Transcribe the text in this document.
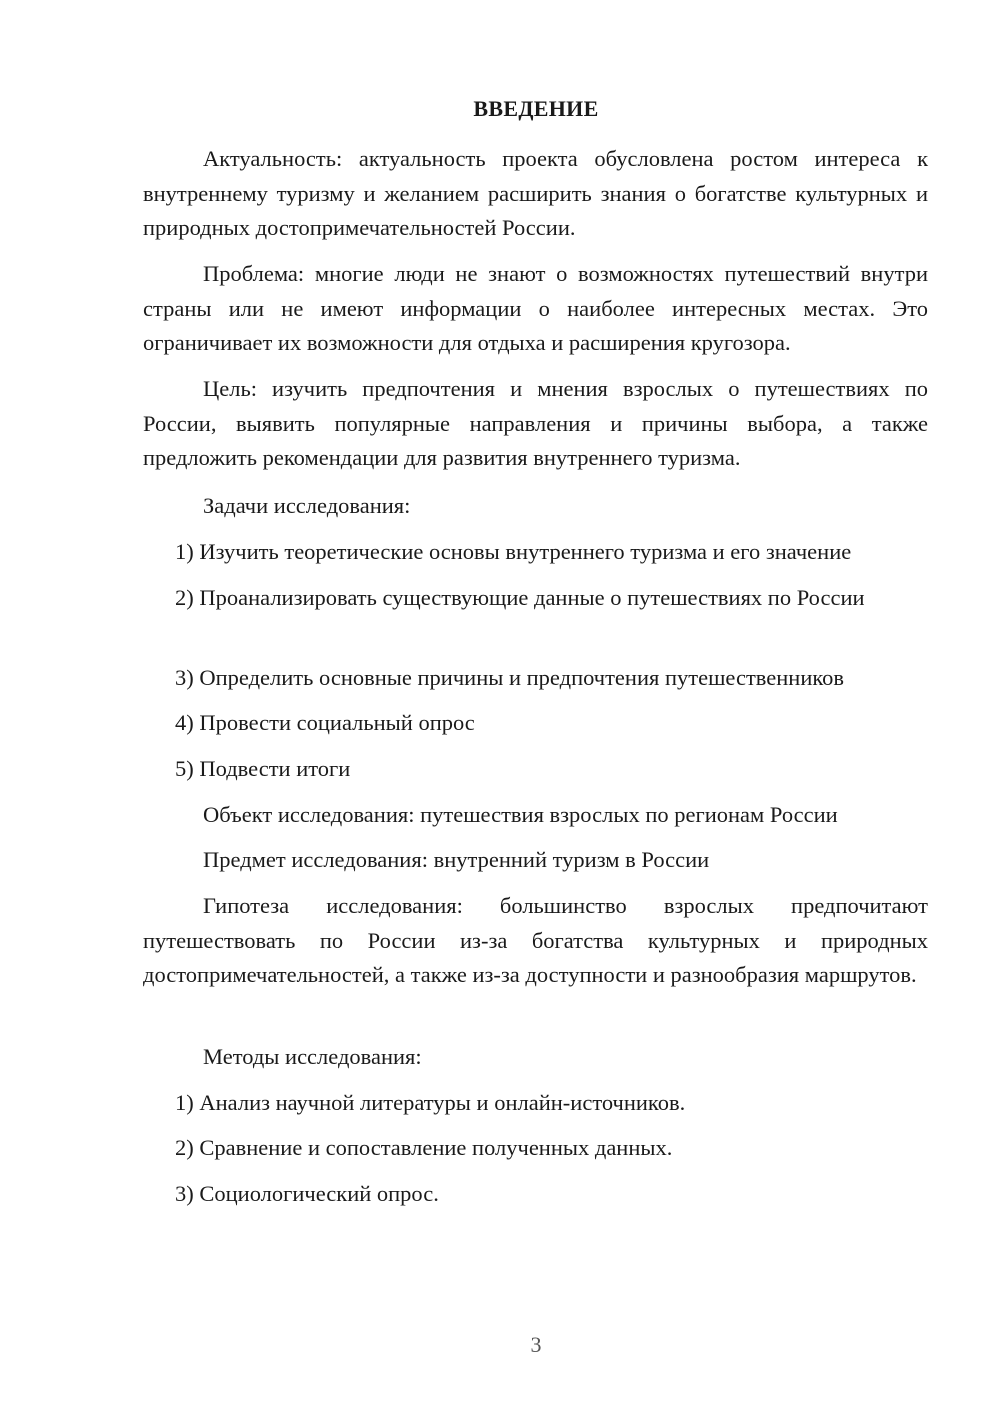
ВВЕДЕНИЕ

Актуальность: актуальность проекта обусловлена ростом интереса к внутреннему туризму и желанием расширить знания о богатстве культурных и природных достопримечательностей России.

Проблема: многие люди не знают о возможностях путешествий внутри страны или не имеют информации о наиболее интересных местах. Это ограничивает их возможности для отдыха и расширения кругозора.

Цель: изучить предпочтения и мнения взрослых о путешествиях по России, выявить популярные направления и причины выбора, а также предложить рекомендации для развития внутреннего туризма.

Задачи исследования:

1) Изучить теоретические основы внутреннего туризма и его значение

2) Проанализировать существующие данные о путешествиях по России

3) Определить основные причины и предпочтения путешественников

4) Провести социальный опрос

5) Подвести итоги

Объект исследования: путешествия взрослых по регионам России

Предмет исследования: внутренний туризм в России

Гипотеза исследования: большинство взрослых предпочитают путешествовать по России из-за богатства культурных и природных достопримечательностей, а также из-за доступности и разнообразия маршрутов.

Методы исследования:

1) Анализ научной литературы и онлайн-источников.

2) Сравнение и сопоставление полученных данных.

3) Социологический опрос.

3
